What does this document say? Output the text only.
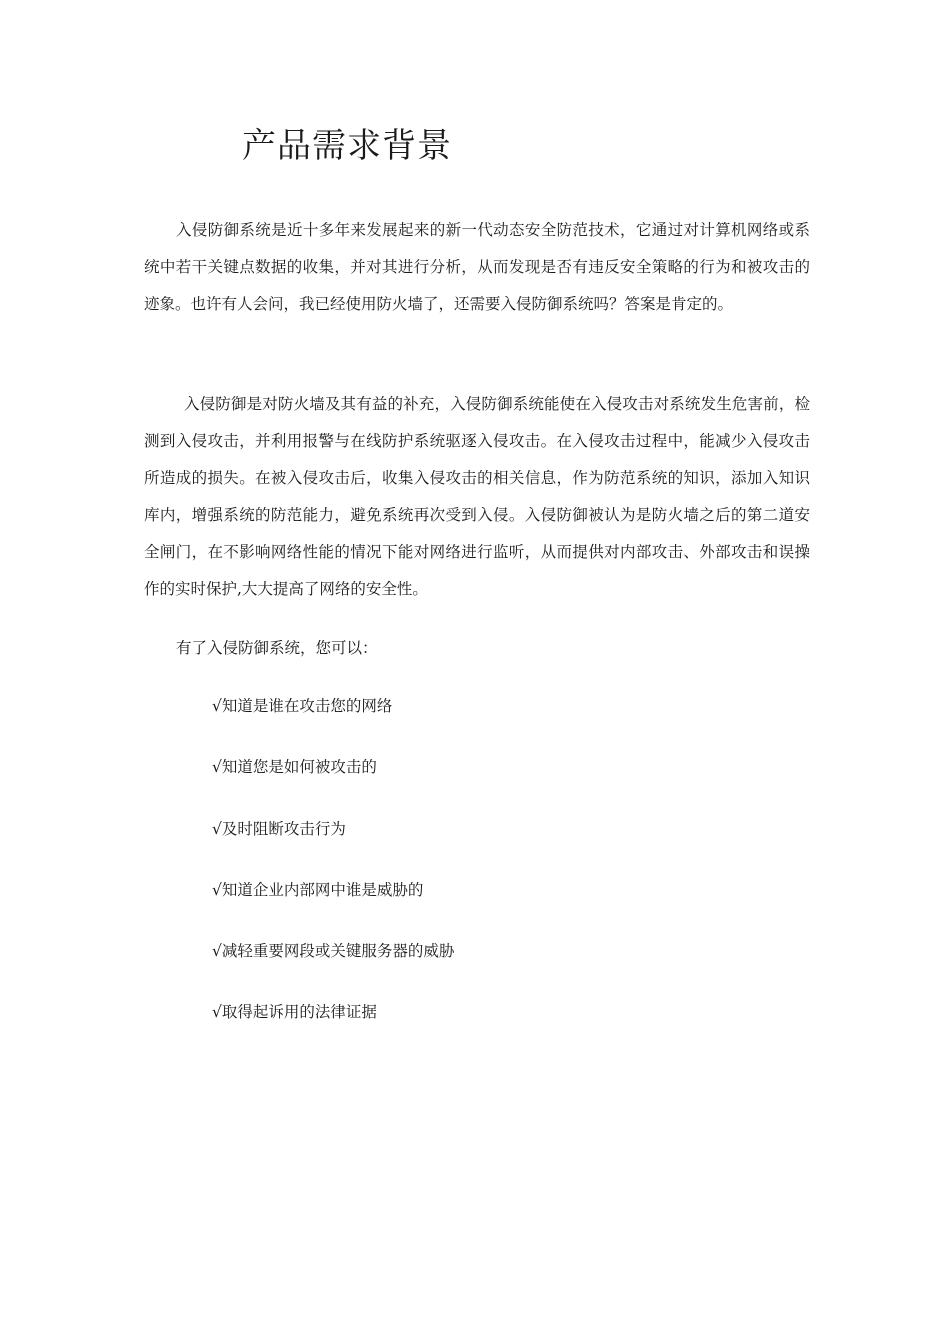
产品需求背景

入侵防御系统是近十多年来发展起来的新一代动态安全防范技术，它通过对计算机网络或系统中若干关键点数据的收集，并对其进行分析，从而发现是否有违反安全策略的行为和被攻击的迹象。也许有人会问，我已经使用防火墙了，还需要入侵防御系统吗？答案是肯定的。

入侵防御是对防火墙及其有益的补充，入侵防御系统能使在入侵攻击对系统发生危害前，检测到入侵攻击，并利用报警与在线防护系统驱逐入侵攻击。在入侵攻击过程中，能减少入侵攻击所造成的损失。在被入侵攻击后，收集入侵攻击的相关信息，作为防范系统的知识，添加入知识库内，增强系统的防范能力，避免系统再次受到入侵。入侵防御被认为是防火墙之后的第二道安全闸门，在不影响网络性能的情况下能对网络进行监听，从而提供对内部攻击、外部攻击和误操作的实时保护,大大提高了网络的安全性。

有了入侵防御系统，您可以：

√知道是谁在攻击您的网络
√知道您是如何被攻击的
√及时阻断攻击行为
√知道企业内部网中谁是威胁的
√减轻重要网段或关键服务器的威胁
√取得起诉用的法律证据
